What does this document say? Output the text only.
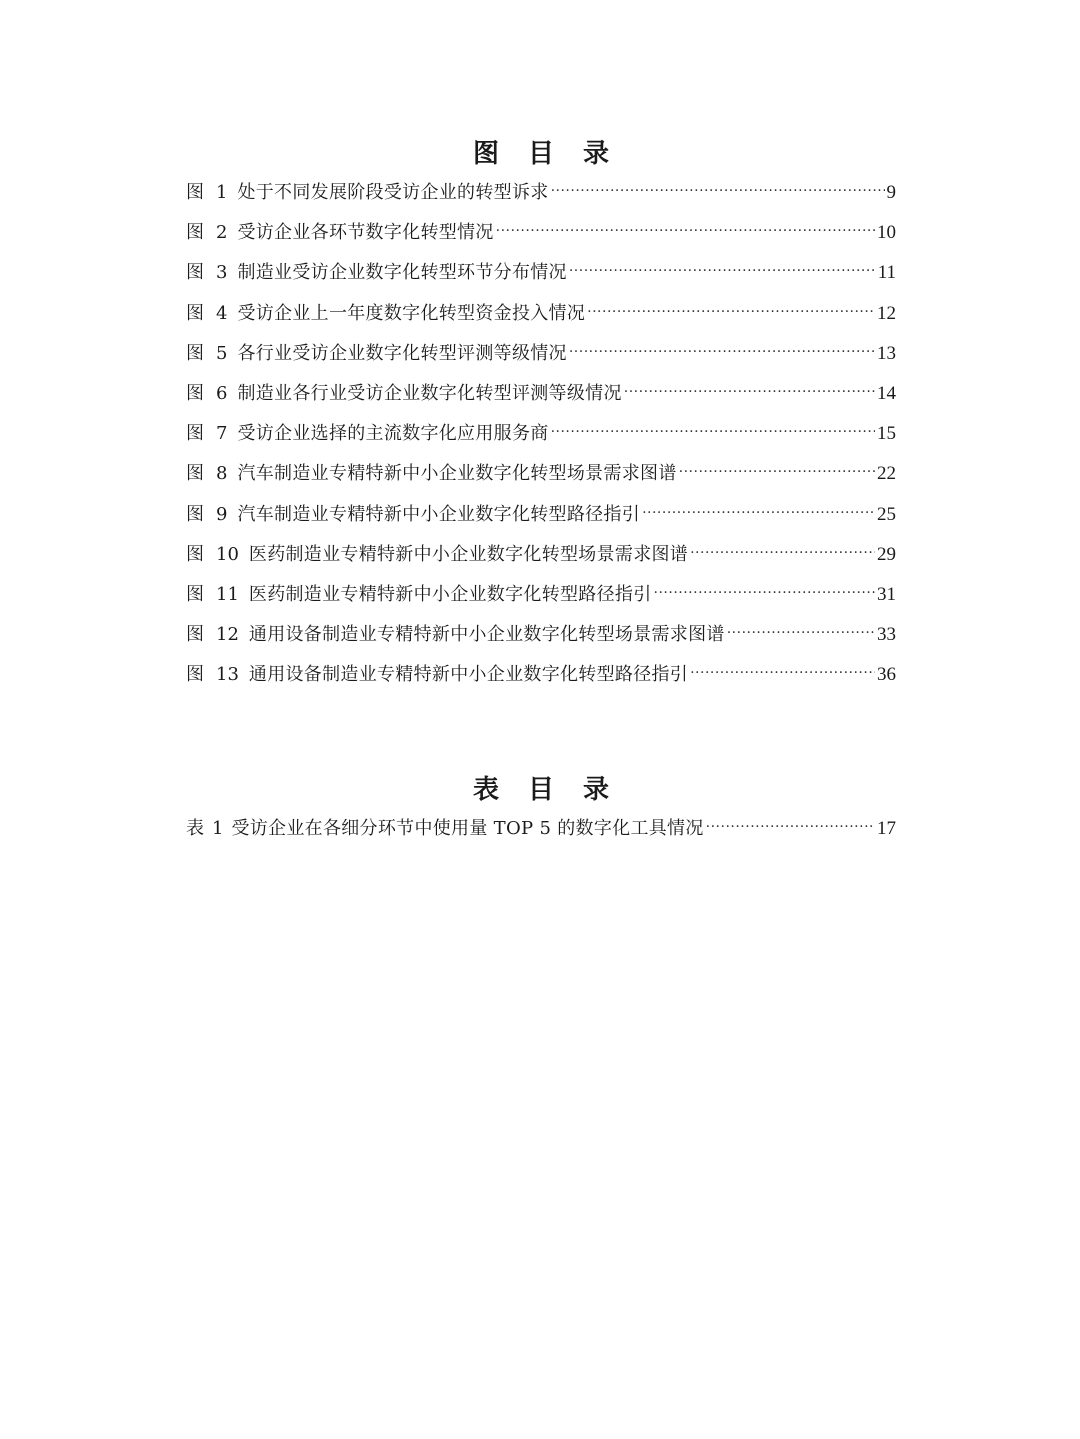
图 目 录
图 1 处于不同发展阶段受访企业的转型诉求 .....	9
图 2 受访企业各环节数字化转型情况 .....	10
图 3 制造业受访企业数字化转型环节分布情况 .....	11
图 4 受访企业上一年度数字化转型资金投入情况 .....	12
图 5 各行业受访企业数字化转型评测等级情况 .....	13
图 6 制造业各行业受访企业数字化转型评测等级情况 .....	14
图 7 受访企业选择的主流数字化应用服务商 .....	15
图 8 汽车制造业专精特新中小企业数字化转型场景需求图谱 .....	22
图 9 汽车制造业专精特新中小企业数字化转型路径指引 .....	25
图 10 医药制造业专精特新中小企业数字化转型场景需求图谱 .....	29
图 11 医药制造业专精特新中小企业数字化转型路径指引 .....	31
图 12 通用设备制造业专精特新中小企业数字化转型场景需求图谱 .....	33
图 13 通用设备制造业专精特新中小企业数字化转型路径指引 .....	36
表 目 录
表 1 受访企业在各细分环节中使用量 TOP 5 的数字化工具情况 .....	17
